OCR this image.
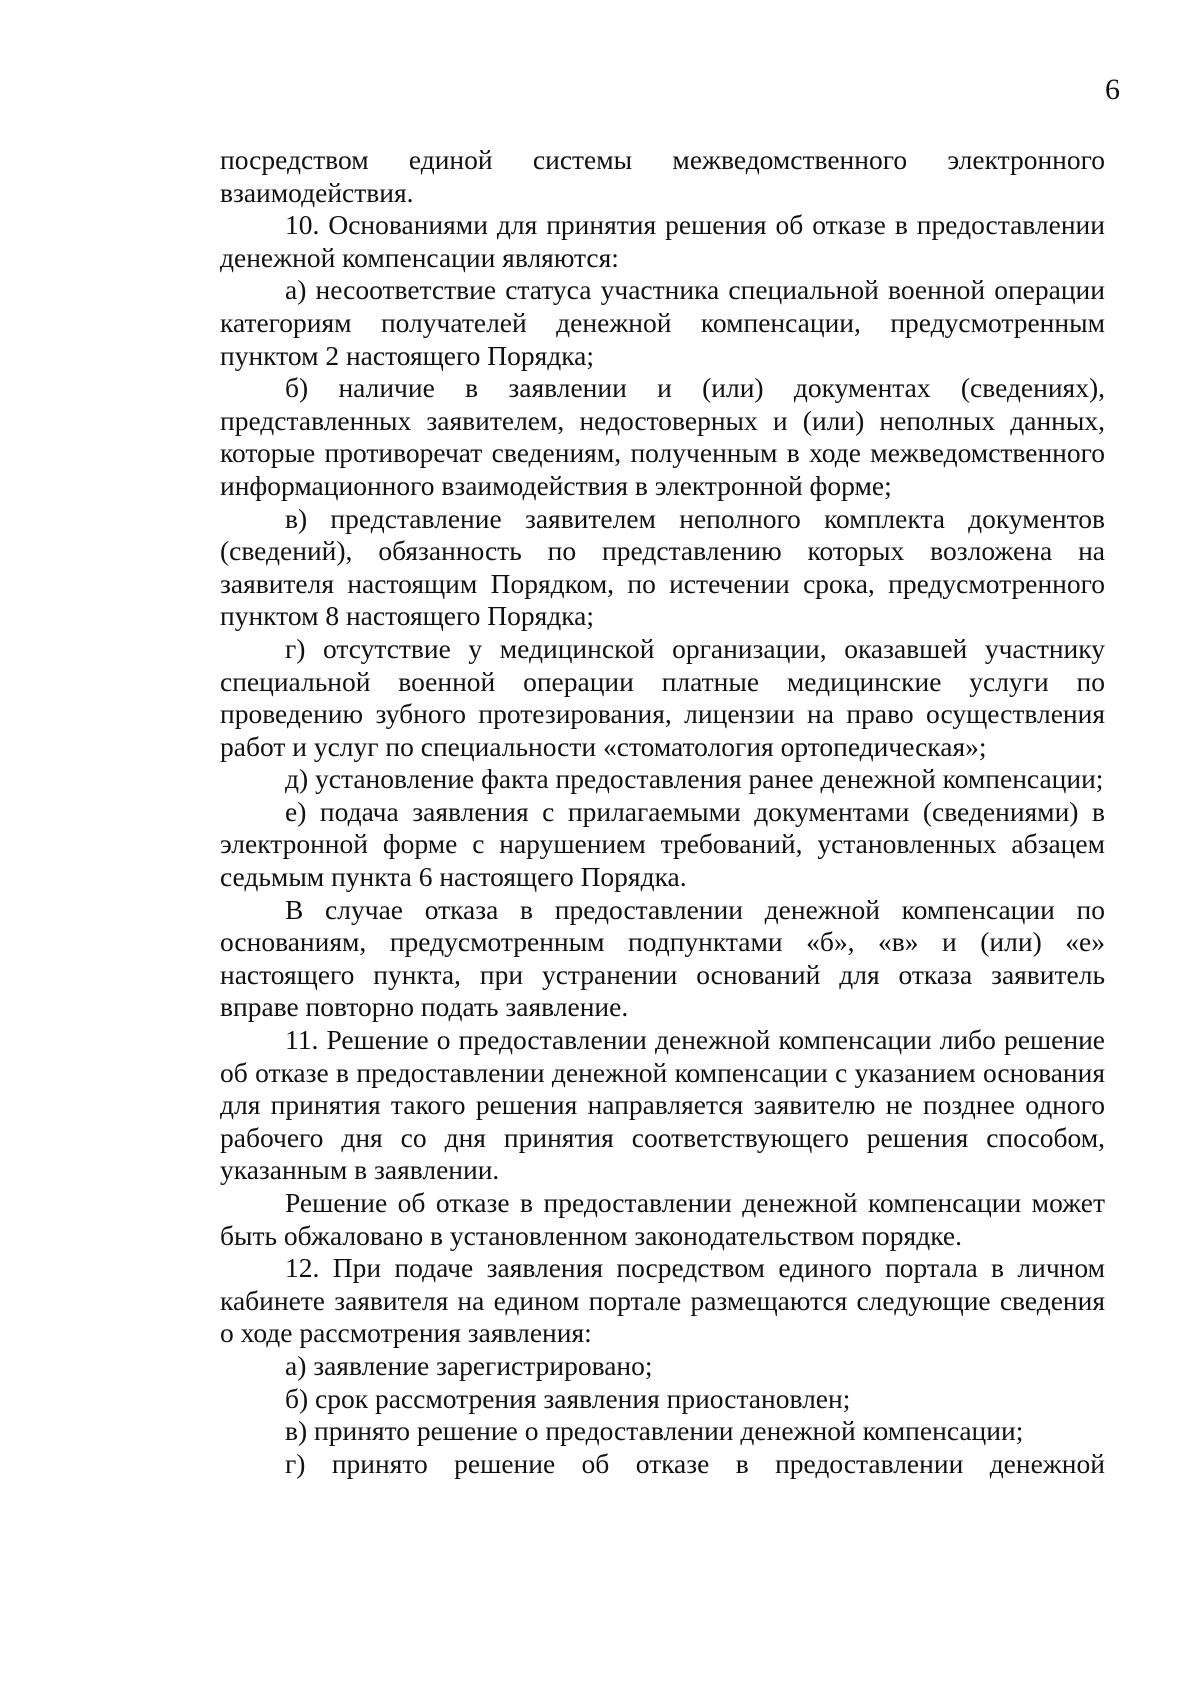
6

посредством единой системы межведомственного электронного взаимодействия.

10. Основаниями для принятия решения об отказе в предоставлении денежной компенсации являются:

а) несоответствие статуса участника специальной военной операции категориям получателей денежной компенсации, предусмотренным пунктом 2 настоящего Порядка;

б) наличие в заявлении и (или) документах (сведениях), представленных заявителем, недостоверных и (или) неполных данных, которые противоречат сведениям, полученным в ходе межведомственного информационного взаимодействия в электронной форме;

в) представление заявителем неполного комплекта документов (сведений), обязанность по представлению которых возложена на заявителя настоящим Порядком, по истечении срока, предусмотренного пунктом 8 настоящего Порядка;

г) отсутствие у медицинской организации, оказавшей участнику специальной военной операции платные медицинские услуги по проведению зубного протезирования, лицензии на право осуществления работ и услуг по специальности «стоматология ортопедическая»;

д) установление факта предоставления ранее денежной компенсации;

е) подача заявления с прилагаемыми документами (сведениями) в электронной форме с нарушением требований, установленных абзацем седьмым пункта 6 настоящего Порядка.

В случае отказа в предоставлении денежной компенсации по основаниям, предусмотренным подпунктами «б», «в» и (или) «е» настоящего пункта, при устранении оснований для отказа заявитель вправе повторно подать заявление.

11. Решение о предоставлении денежной компенсации либо решение об отказе в предоставлении денежной компенсации с указанием основания для принятия такого решения направляется заявителю не позднее одного рабочего дня со дня принятия соответствующего решения способом, указанным в заявлении.

Решение об отказе в предоставлении денежной компенсации может быть обжаловано в установленном законодательством порядке.

12. При подаче заявления посредством единого портала в личном кабинете заявителя на едином портале размещаются следующие сведения о ходе рассмотрения заявления:

а) заявление зарегистрировано;

б) срок рассмотрения заявления приостановлен;

в) принято решение о предоставлении денежной компенсации;

г) принято решение об отказе в предоставлении денежной
